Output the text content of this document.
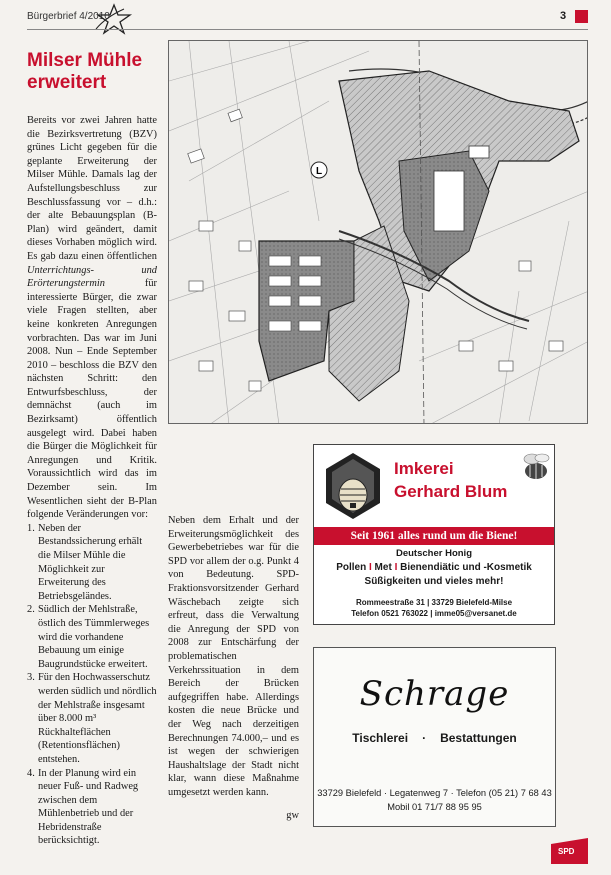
Bürgerbrief 4/2010	3
Milser Mühle
erweitert

Bereits vor zwei Jahren hatte die Bezirksvertretung (BZV) grünes Licht gegeben für die geplante Erweiterung der Milser Mühle. Damals lag der Aufstellungsbeschluss zur Beschlussfassung vor – d.h.: der alte Bebauungsplan (B-Plan) wird geändert, damit dieses Vorhaben möglich wird. Es gab dazu einen öffentlichen Unterrichtungs- und Erörterungstermin für interessierte Bürger, die zwar viele Fragen stellten, aber keine konkreten Anregungen vorbrachten. Das war im Juni 2008. Nun – Ende September 2010 – beschloss die BZV den nächsten Schritt: den Entwurfsbeschluss, der demnächst (auch im Bezirksamt) öffentlich ausgelegt wird. Dabei haben die Bürger die Möglichkeit für Anregungen und Kritik. Voraussichtlich wird das im Dezember sein. Im Wesentlichen sieht der B-Plan folgende Veränderungen vor:

1. Neben der Bestandssicherung erhält die Milser Mühle die Möglichkeit zur Erweiterung des Betriebsgeländes.
2. Südlich der Mehlstraße, östlich des Tümmlerweges wird die vorhandene Bebauung um einige Baugrundstücke erweitert.
3. Für den Hochwasserschutz werden südlich und nördlich der Mehlstraße insgesamt über 8.000 m³ Rückhalteflächen (Retentionsflächen) entstehen.
4. In der Planung wird ein neuer Fuß- und Radweg zwischen dem Mühlenbetrieb und der Hebridenstraße berücksichtigt.
L

Neben dem Erhalt und der Erweiterungsmöglichkeit des Gewerbebetriebes war für die SPD vor allem der o.g. Punkt 4 von Bedeutung. SPD-Fraktionsvorsitzender Gerhard Wäschebach zeigte sich erfreut, dass die Verwaltung die Anregung der SPD von 2008 zur Entschärfung der problematischen Verkehrssituation in dem Bereich der Brücken aufgegriffen habe. Allerdings kosten die neue Brücke und der Weg nach derzeitigen Berechnungen 74.000,– und es ist wegen der schwierigen Haushaltslage der Stadt nicht klar, wann diese Maßnahme umgesetzt werden kann.

gw

Imkerei
Gerhard Blum
Seit 1961 alles rund um die Biene!
Deutscher Honig
Pollen I Met I Bienendiätic und -Kosmetik
Süßigkeiten und vieles mehr!
Rommeestraße 31 | 33729 Bielefeld-Milse
Telefon 0521 763022 | imme05@versanet.de
Schrage
Tischlerei · Bestattungen
33729 Bielefeld · Legatenweg 7 · Telefon (05 21) 7 68 43
Mobil 01 71/7 88 95 95
SPD
